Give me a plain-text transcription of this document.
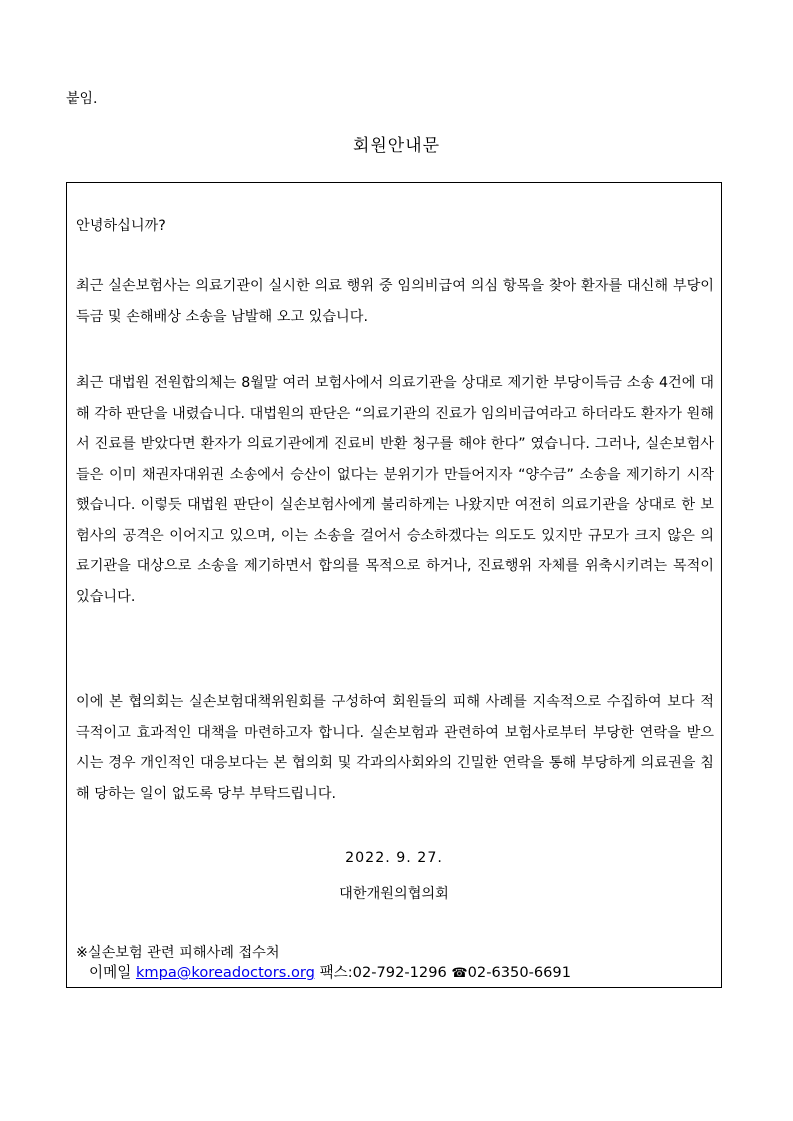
붙임.
회원안내문

안녕하십니까?

최근 실손보험사는 의료기관이 실시한 의료 행위 중 임의비급여 의심 항목을 찾아 환자를 대신해 부당이득금 및 손해배상 소송을 남발해 오고 있습니다.

최근 대법원 전원합의체는 8월말 여러 보험사에서 의료기관을 상대로 제기한 부당이득금 소송 4건에 대해 각하 판단을 내렸습니다. 대법원의 판단은 “의료기관의 진료가 임의비급여라고 하더라도 환자가 원해서 진료를 받았다면 환자가 의료기관에게 진료비 반환 청구를 해야 한다” 였습니다. 그러나, 실손보험사들은 이미 채권자대위권 소송에서 승산이 없다는 분위기가 만들어지자 “양수금” 소송을 제기하기 시작했습니다. 이렇듯 대법원 판단이 실손보험사에게 불리하게는 나왔지만 여전히 의료기관을 상대로 한 보험사의 공격은 이어지고 있으며, 이는 소송을 걸어서 승소하겠다는 의도도 있지만 규모가 크지 않은 의료기관을 대상으로 소송을 제기하면서 합의를 목적으로 하거나, 진료행위 자체를 위축시키려는 목적이 있습니다.

이에 본 협의회는 실손보험대책위원회를 구성하여 회원들의 피해 사례를 지속적으로 수집하여 보다 적극적이고 효과적인 대책을 마련하고자 합니다. 실손보험과 관련하여 보험사로부터 부당한 연락을 받으시는 경우 개인적인 대응보다는 본 협의회 및 각과의사회와의 긴밀한 연락을 통해 부당하게 의료권을 침해 당하는 일이 없도록 당부 부탁드립니다.

2022. 9. 27.
대한개원의협의회
※실손보험 관련 피해사례 접수처
이메일 kmpa@koreadoctors.org 팩스:02-792-1296 ☎02-6350-6691
